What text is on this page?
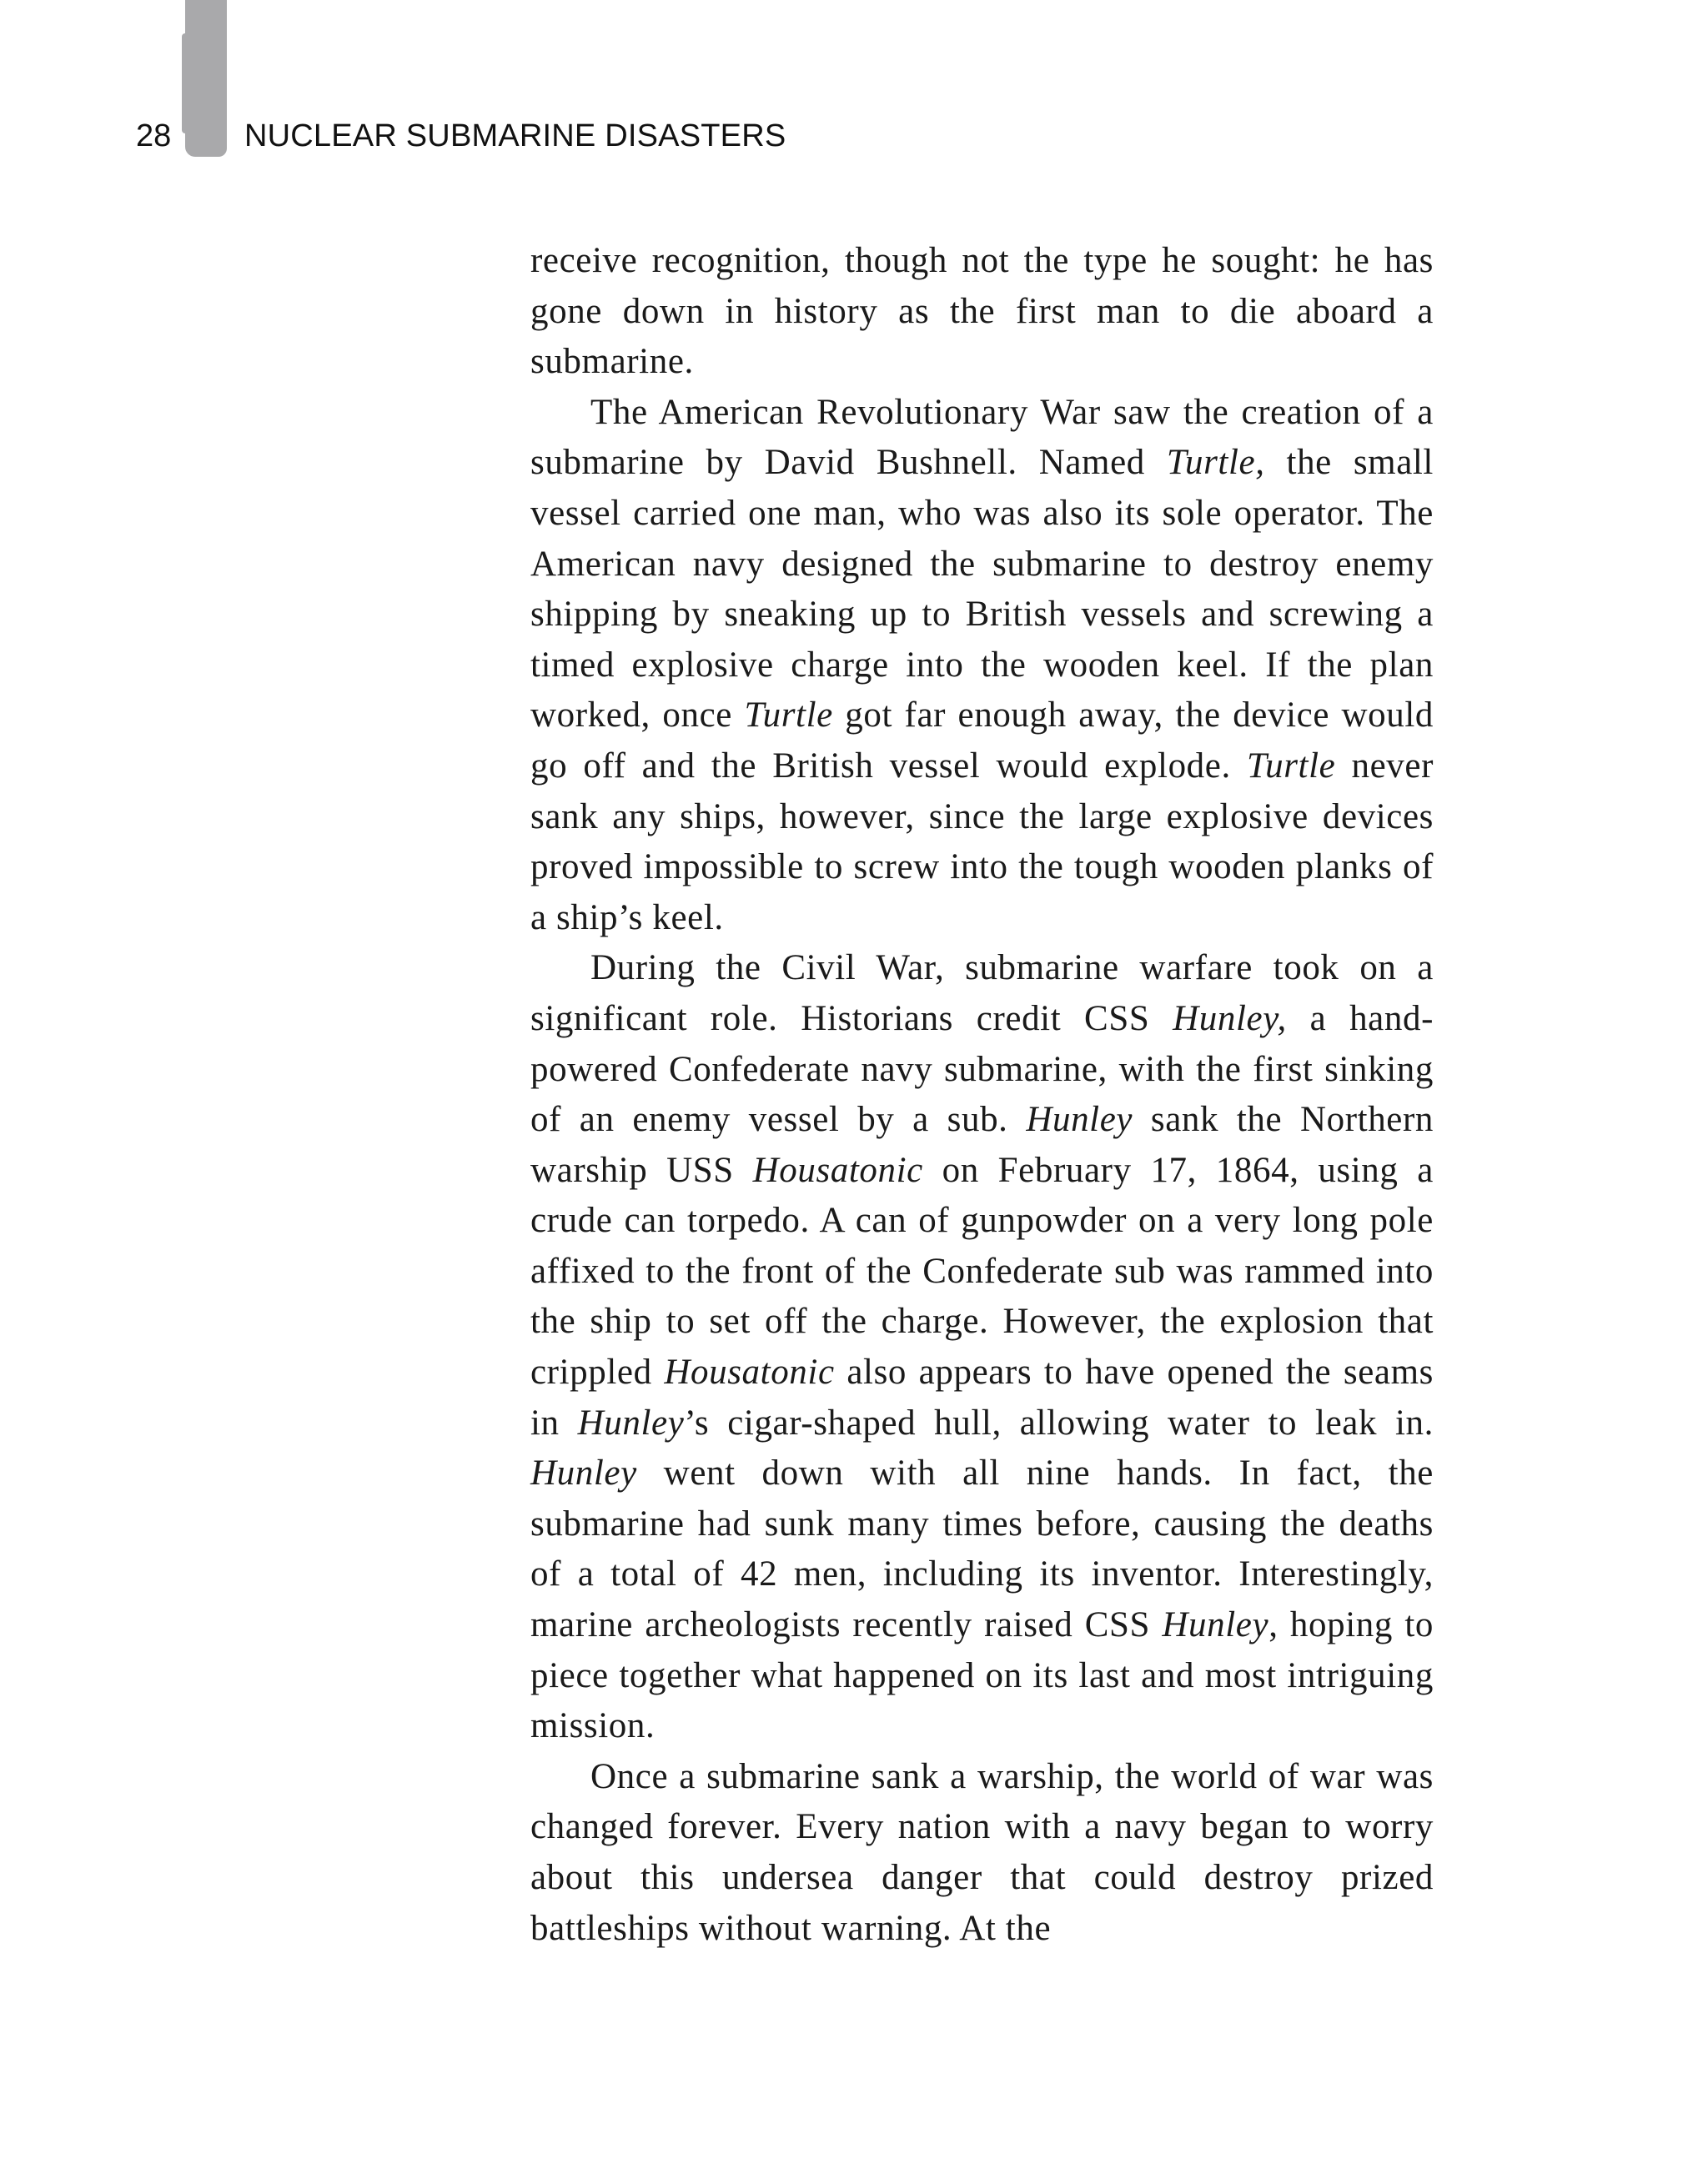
28 NUCLEAR SUBMARINE DISASTERS

receive recognition, though not the type he sought: he has gone down in history as the first man to die aboard a submarine.

The American Revolutionary War saw the creation of a submarine by David Bushnell. Named Turtle, the small vessel carried one man, who was also its sole operator. The American navy designed the submarine to destroy enemy shipping by sneaking up to British vessels and screwing a timed explosive charge into the wooden keel. If the plan worked, once Turtle got far enough away, the device would go off and the British vessel would explode. Turtle never sank any ships, however, since the large explosive devices proved impossible to screw into the tough wooden planks of a ship’s keel.

During the Civil War, submarine warfare took on a significant role. Historians credit CSS Hunley, a hand-powered Confederate navy submarine, with the first sinking of an enemy vessel by a sub. Hunley sank the Northern warship USS Housatonic on February 17, 1864, using a crude can torpedo. A can of gunpowder on a very long pole affixed to the front of the Confederate sub was rammed into the ship to set off the charge. However, the explosion that crippled Housatonic also appears to have opened the seams in Hunley’s cigar-shaped hull, allowing water to leak in. Hunley went down with all nine hands. In fact, the submarine had sunk many times before, causing the deaths of a total of 42 men, including its inventor. Interestingly, marine archeologists recently raised CSS Hunley, hoping to piece together what happened on its last and most intriguing mission.

Once a submarine sank a warship, the world of war was changed forever. Every nation with a navy began to worry about this undersea danger that could destroy prized battleships without warning. At the
